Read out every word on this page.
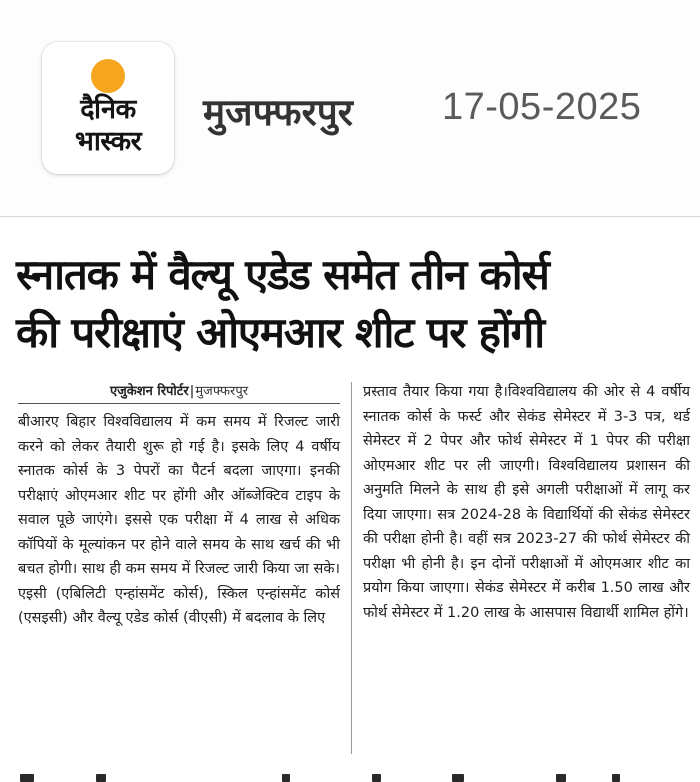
दैनिक
भास्कर
मुजफ्फरपुर 17-05-2025
स्नातक में वैल्यू एडेड समेत तीन कोर्स
की परीक्षाएं ओएमआर शीट पर होंगी
एजुकेशन रिपोर्टर|मुजफ्फरपुर

बीआरए बिहार विश्वविद्यालय में कम समय में रिजल्ट जारी करने को लेकर तैयारी शुरू हो गई है। इसके लिए 4 वर्षीय स्नातक कोर्स के 3 पेपरों का पैटर्न बदला जाएगा। इनकी परीक्षाएं ओएमआर शीट पर होंगी और ऑब्जेक्टिव टाइप के सवाल पूछे जाएंगे। इससे एक परीक्षा में 4 लाख से अधिक कॉपियों के मूल्यांकन पर होने वाले समय के साथ खर्च की भी बचत होगी। साथ ही कम समय में रिजल्ट जारी किया जा सके। एइसी (एबिलिटी एन्हांसमेंट कोर्स), स्किल एन्हांसमेंट कोर्स (एसइसी) और वैल्यू एडेड कोर्स (वीएसी) में बदलाव के लिए

प्रस्ताव तैयार किया गया है।विश्वविद्यालय की ओर से 4 वर्षीय स्नातक कोर्स के फर्स्ट और सेकंड सेमेस्टर में 3-3 पत्र, थर्ड सेमेस्टर में 2 पेपर और फोर्थ सेमेस्टर में 1 पेपर की परीक्षा ओएमआर शीट पर ली जाएगी। विश्वविद्यालय प्रशासन की अनुमति मिलने के साथ ही इसे अगली परीक्षाओं में लागू कर दिया जाएगा। सत्र 2024-28 के विद्यार्थियों की सेकंड सेमेस्टर की परीक्षा होनी है। वहीं सत्र 2023-27 की फोर्थ सेमेस्टर की परीक्षा भी होनी है। इन दोनों परीक्षाओं में ओएमआर शीट का प्रयोग किया जाएगा। सेकंड सेमेस्टर में करीब 1.50 लाख और फोर्थ सेमेस्टर में 1.20 लाख के आसपास विद्यार्थी शामिल होंगे।
